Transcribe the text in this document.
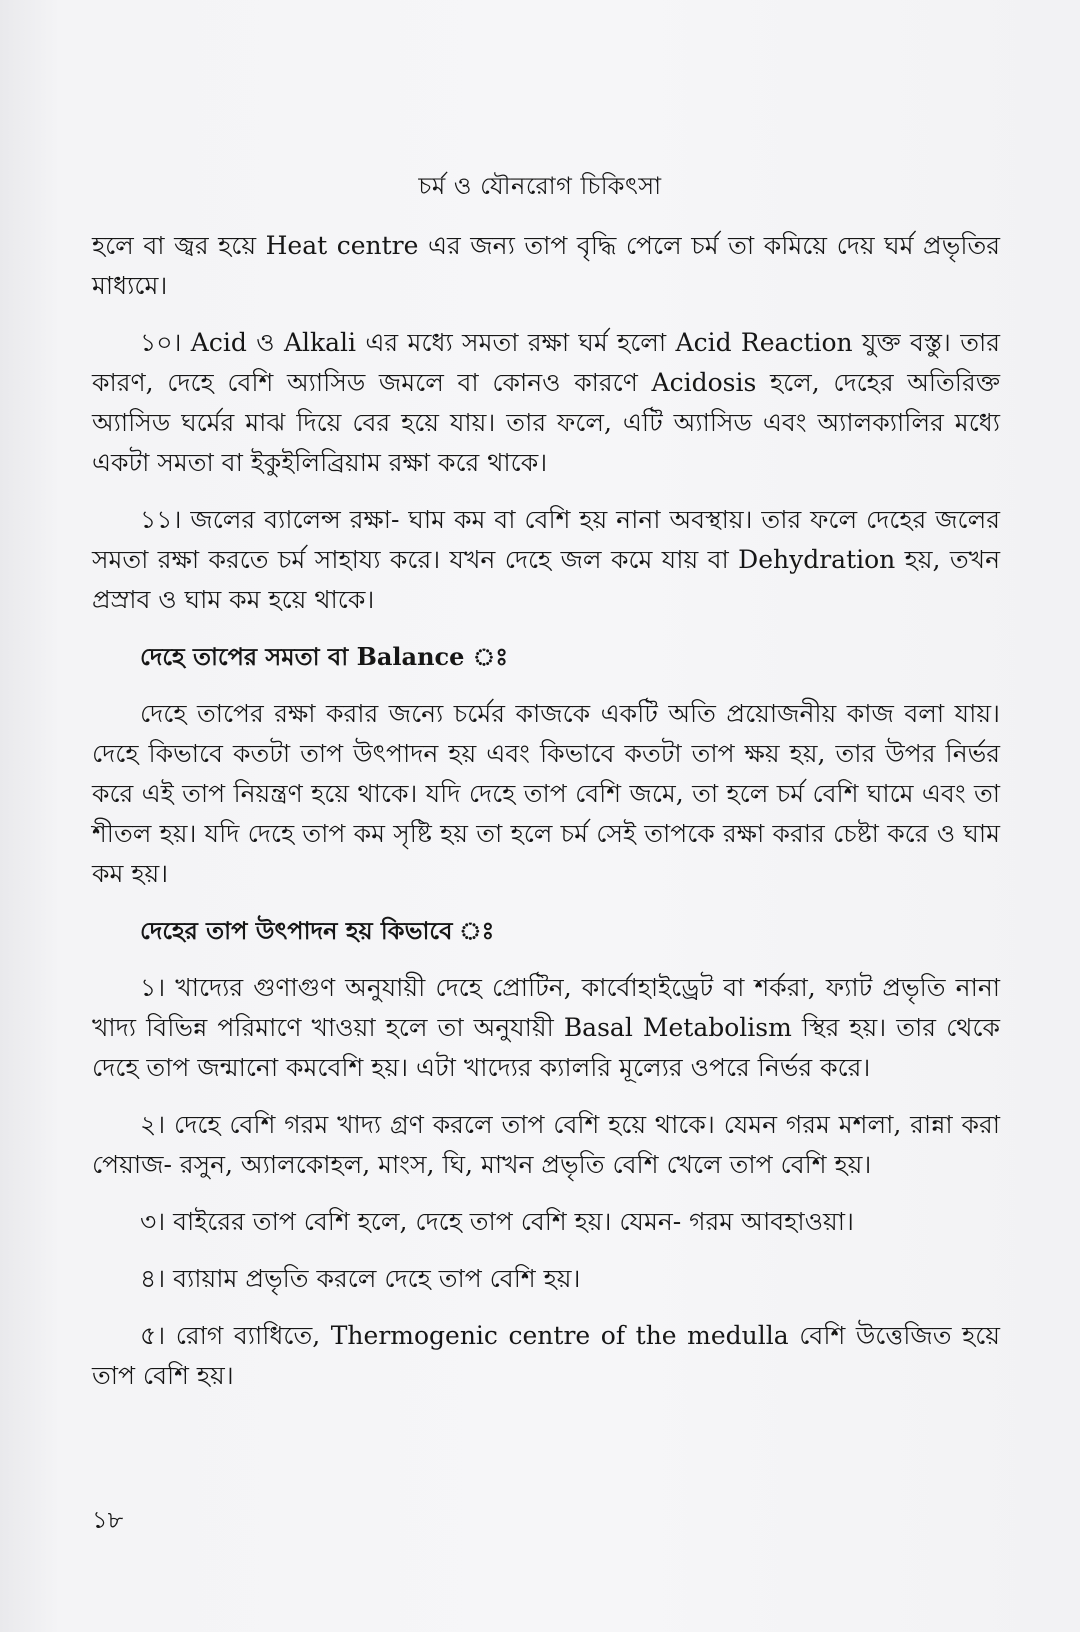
চর্ম ও যৌনরোগ চিকিৎসা

হলে বা জ্বর হয়ে Heat centre এর জন্য তাপ বৃদ্ধি পেলে চর্ম তা কমিয়ে দেয় ঘর্ম প্রভৃতির মাধ্যমে।

১০। Acid ও Alkali এর মধ্যে সমতা রক্ষা ঘর্ম হলো Acid Reaction যুক্ত বস্তু। তার কারণ, দেহে বেশি অ্যাসিড জমলে বা কোনও কারণে Acidosis হলে, দেহের অতিরিক্ত অ্যাসিড ঘর্মের মাঝ দিয়ে বের হয়ে যায়। তার ফলে, এটি অ্যাসিড এবং অ্যালক্যালির মধ্যে একটা সমতা বা ইকুইলিব্রিয়াম রক্ষা করে থাকে।

১১। জলের ব্যালেন্স রক্ষা- ঘাম কম বা বেশি হয় নানা অবস্থায়। তার ফলে দেহের জলের সমতা রক্ষা করতে চর্ম সাহায্য করে। যখন দেহে জল কমে যায় বা Dehydration হয়, তখন প্রস্রাব ও ঘাম কম হয়ে থাকে।

দেহে তাপের সমতা বা Balance ঃ

দেহে তাপের রক্ষা করার জন্যে চর্মের কাজকে একটি অতি প্রয়োজনীয় কাজ বলা যায়। দেহে কিভাবে কতটা তাপ উৎপাদন হয় এবং কিভাবে কতটা তাপ ক্ষয় হয়, তার উপর নির্ভর করে এই তাপ নিয়ন্ত্রণ হয়ে থাকে। যদি দেহে তাপ বেশি জমে, তা হলে চর্ম বেশি ঘামে এবং তা শীতল হয়। যদি দেহে তাপ কম সৃষ্টি হয় তা হলে চর্ম সেই তাপকে রক্ষা করার চেষ্টা করে ও ঘাম কম হয়।

দেহের তাপ উৎপাদন হয় কিভাবে ঃ

১। খাদ্যের গুণাগুণ অনুযায়ী দেহে প্রোটিন, কার্বোহাইড্রেট বা শর্করা, ফ্যাট প্রভৃতি নানা খাদ্য বিভিন্ন পরিমাণে খাওয়া হলে তা অনুযায়ী Basal Metabolism স্থির হয়। তার থেকে দেহে তাপ জন্মানো কমবেশি হয়। এটা খাদ্যের ক্যালরি মূল্যের ওপরে নির্ভর করে।

২। দেহে বেশি গরম খাদ্য গ্রণ করলে তাপ বেশি হয়ে থাকে। যেমন গরম মশলা, রান্না করা পেয়াজ- রসুন, অ্যালকোহল, মাংস, ঘি, মাখন প্রভৃতি বেশি খেলে তাপ বেশি হয়।

৩। বাইরের তাপ বেশি হলে, দেহে তাপ বেশি হয়। যেমন- গরম আবহাওয়া।

৪। ব্যায়াম প্রভৃতি করলে দেহে তাপ বেশি হয়।

৫। রোগ ব্যাধিতে, Thermogenic centre of the medulla বেশি উত্তেজিত হয়ে তাপ বেশি হয়।

১৮
